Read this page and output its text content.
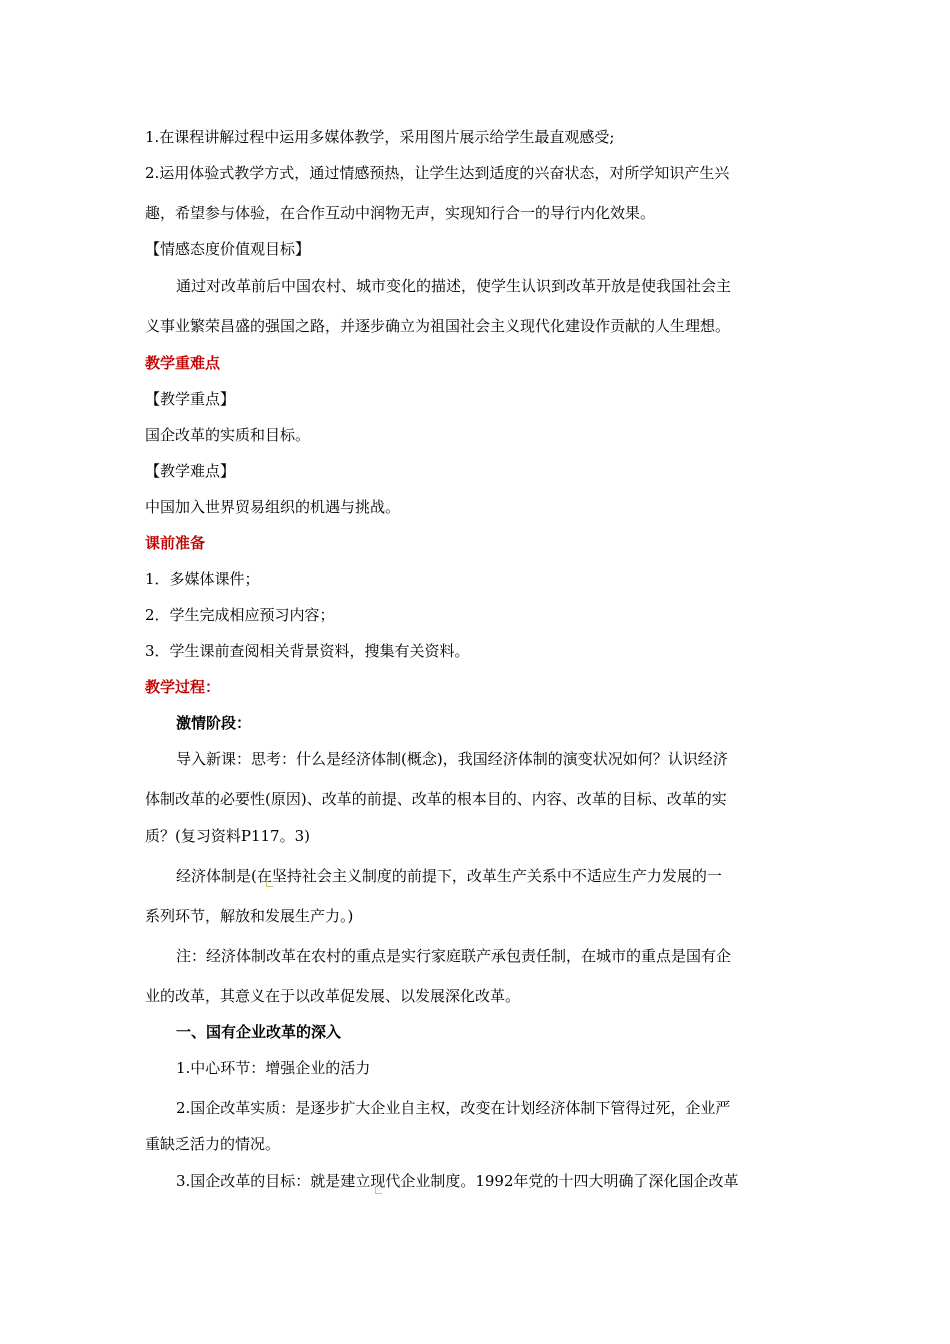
1.在课程讲解过程中运用多媒体教学，采用图片展示给学生最直观感受;
2.运用体验式教学方式，通过情感预热，让学生达到适度的兴奋状态，对所学知识产生兴
趣，希望参与体验，在合作互动中润物无声，实现知行合一的导行内化效果。
【情感态度价值观目标】
通过对改革前后中国农村、城市变化的描述，使学生认识到改革开放是使我国社会主
义事业繁荣昌盛的强国之路，并逐步确立为祖国社会主义现代化建设作贡献的人生理想。
教学重难点
【教学重点】
国企改革的实质和目标。
【教学难点】
中国加入世界贸易组织的机遇与挑战。
课前准备
1．多媒体课件；
2．学生完成相应预习内容；
3．学生课前查阅相关背景资料，搜集有关资料。
教学过程：
激情阶段：
导入新课：思考：什么是经济体制(概念)，我国经济体制的演变状况如何？认识经济
体制改革的必要性(原因)、改革的前提、改革的根本目的、内容、改革的目标、改革的实
质？(复习资料P117。3)
经济体制是(在坚持社会主义制度的前提下，改革生产关系中不适应生产力发展的一
系列环节，解放和发展生产力。)
注：经济体制改革在农村的重点是实行家庭联产承包责任制，在城市的重点是国有企
业的改革，其意义在于以改革促发展、以发展深化改革。
一、国有企业改革的深入
1.中心环节：增强企业的活力
2.国企改革实质：是逐步扩大企业自主权，改变在计划经济体制下管得过死，企业严
重缺乏活力的情况。
3.国企改革的目标：就是建立现代企业制度。1992年党的十四大明确了深化国企改革
